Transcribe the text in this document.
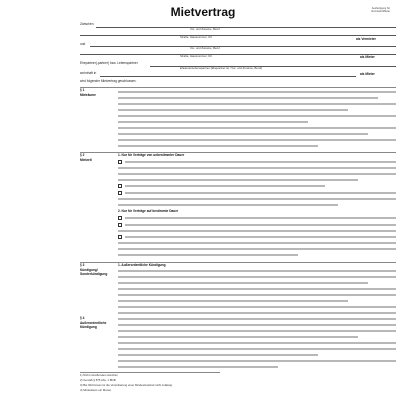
Mietvertrag	Ausfertigung für
Vermieter/Mieter
Zwischen
Vor- und Zuname, Beruf
Straße, Hausnummer, Ort	als Vermieter
und
Vor- und Zuname, Beruf
Straße, Hausnummer, Ort	als Mieter
Ehepartner(-partner) bzw. Lebenspartner
Eheleute/Lebenspartner (Ehepartner ist / Vor- und Zuname, Beruf)
wohnhaft in	als Mieter
wird folgender Mietvertrag geschlossen:
§ 1
Mieträume
§ 2
Mietzeit
1. Nur für Verträge von unbestimmter Dauer
2. Nur für Verträge auf bestimmte Dauer
§ 3
Kündigung/ Sonderkündigung
1. Außerordentliche Kündigung
§ 4
Außerordentliche Kündigung
1) Nicht zutreffendes streichen
2) Gemäß § 575 Abs. 1 BGB
3) Bei Wohnraum ist die Vereinbarung einer Mindestmietzeit nicht zulässig
4) Mindestens ein Monat
